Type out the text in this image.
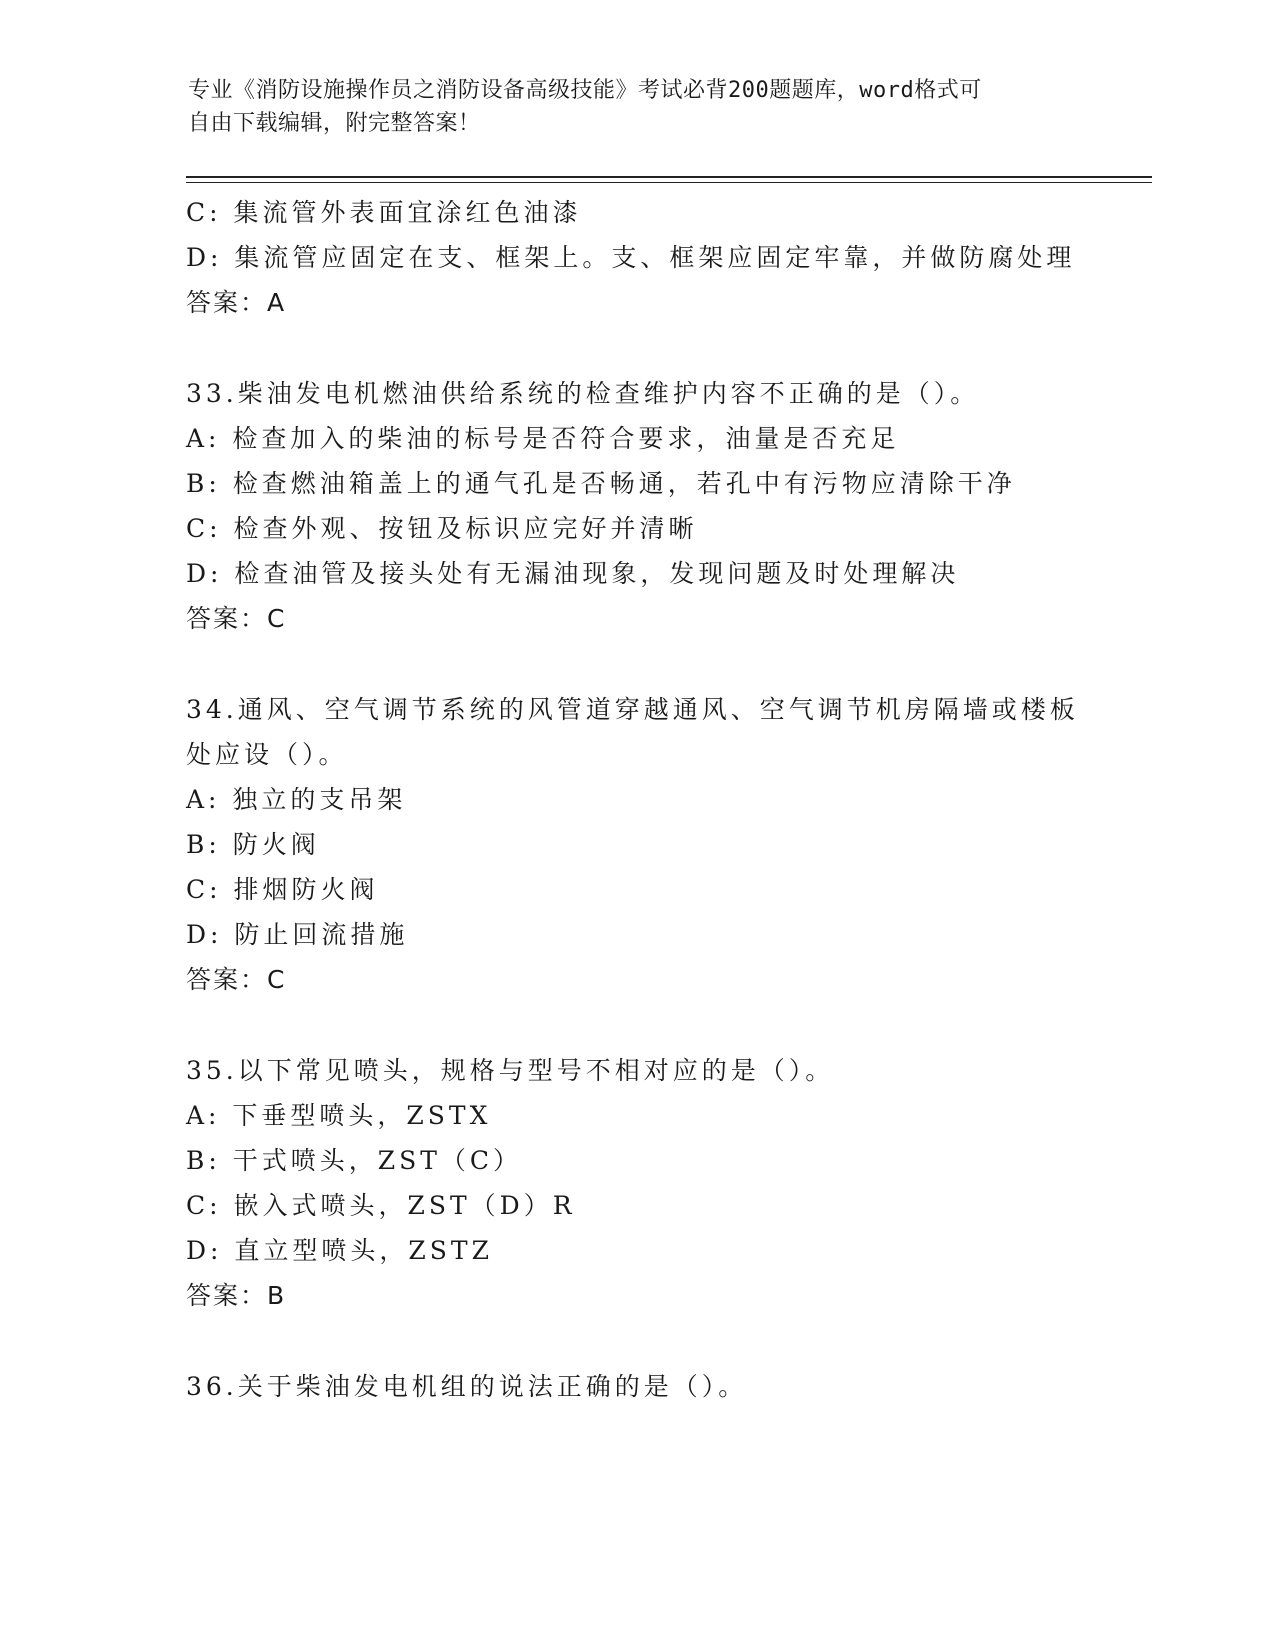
专业《消防设施操作员之消防设备高级技能》考试必背200题题库，word格式可
自由下载编辑，附完整答案！
C: 集流管外表面宜涂红色油漆
D: 集流管应固定在支、框架上。支、框架应固定牢靠，并做防腐处理
答案：A
33.柴油发电机燃油供给系统的检查维护内容不正确的是（）。
A: 检查加入的柴油的标号是否符合要求，油量是否充足
B: 检查燃油箱盖上的通气孔是否畅通，若孔中有污物应清除干净
C: 检查外观、按钮及标识应完好并清晰
D: 检查油管及接头处有无漏油现象，发现问题及时处理解决
答案：C
34.通风、空气调节系统的风管道穿越通风、空气调节机房隔墙或楼板
处应设（）。
A: 独立的支吊架
B: 防火阀
C: 排烟防火阀
D: 防止回流措施
答案：C
35.以下常见喷头，规格与型号不相对应的是（）。
A: 下垂型喷头，ZSTX
B: 干式喷头，ZST（C）
C: 嵌入式喷头，ZST（D）R
D: 直立型喷头，ZSTZ
答案：B
36.关于柴油发电机组的说法正确的是（）。
